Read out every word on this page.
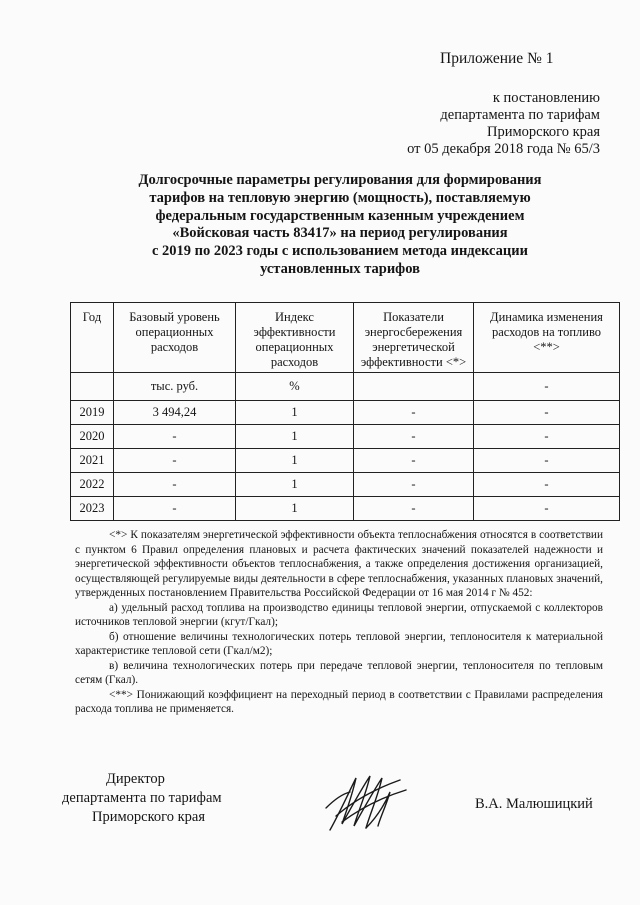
Приложение № 1
к постановлению
департамента по тарифам
Приморского края
от 05 декабря 2018 года № 65/3
Долгосрочные параметры регулирования для формирования
тарифов на тепловую энергию (мощность), поставляемую
федеральным государственным казенным учреждением
«Войсковая часть 83417» на период регулирования
с 2019 по 2023 годы с использованием метода индексации
установленных тарифов
Год	Базовый уровень операционных расходов	Индекс эффективности операционных расходов	Показатели энергосбережения энергетической эффективности <*>	Динамика изменения расходов на топливо <**>
	тыс. руб.	%		-
2019	3 494,24	1	-	-
2020	-	1	-	-
2021	-	1	-	-
2022	-	1	-	-
2023	-	1	-	-

<*> К показателям энергетической эффективности объекта теплоснабжения относятся в соответствии с пунктом 6 Правил определения плановых и расчета фактических значений показателей надежности и энергетической эффективности объектов теплоснабжения, а также определения достижения организацией, осуществляющей регулируемые виды деятельности в сфере теплоснабжения, указанных плановых значений, утвержденных постановлением Правительства Российской Федерации от 16 мая 2014 г № 452:

а) удельный расход топлива на производство единицы тепловой энергии, отпускаемой с коллекторов источников тепловой энергии (кгут/Гкал);

б) отношение величины технологических потерь тепловой энергии, теплоносителя к материальной характеристике тепловой сети (Гкал/м2);

в) величина технологических потерь при передаче тепловой энергии, теплоносителя по тепловым сетям (Гкал).

<**> Понижающий коэффициент на переходный период в соответствии с Правилами распределения расхода топлива не применяется.

Директор
департамента по тарифам
Приморского края
В.А. Малюшицкий
